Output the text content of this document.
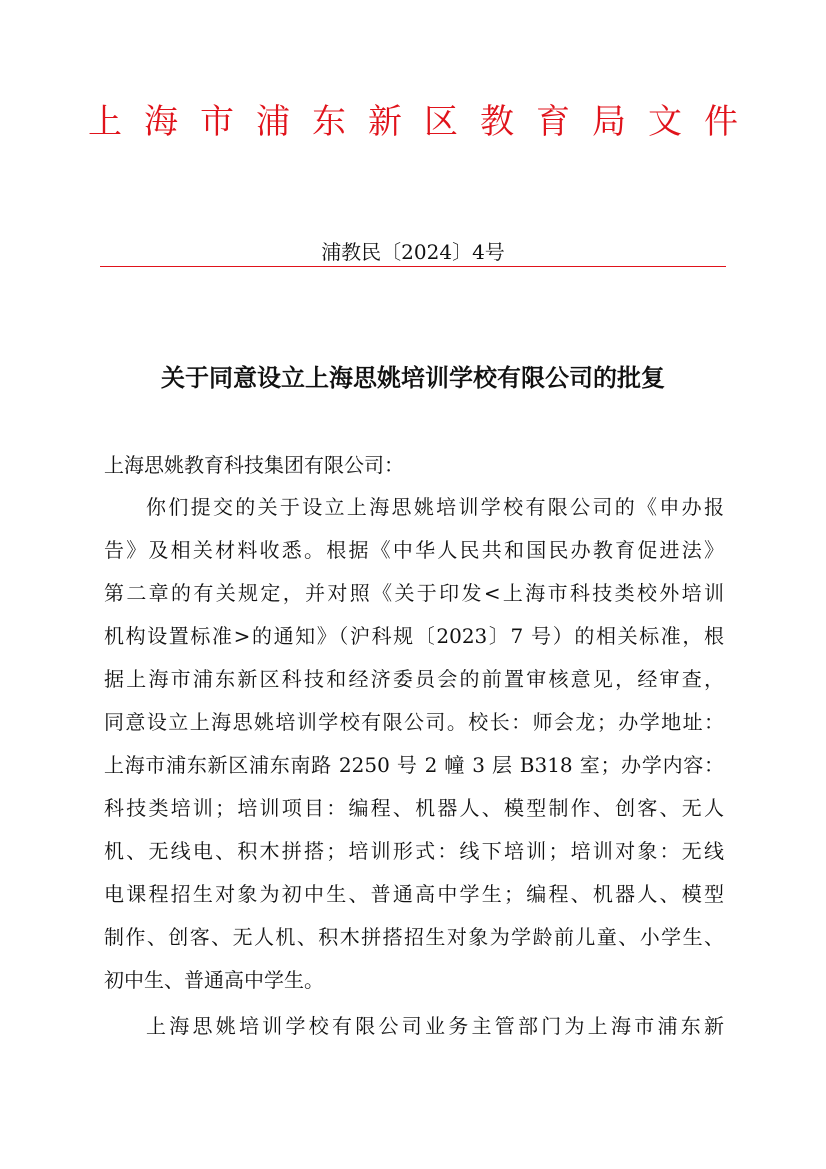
上海市浦东新区教育局文件
浦教民〔2024〕4号
关于同意设立上海思姚培训学校有限公司的批复
上海思姚教育科技集团有限公司：
你们提交的关于设立上海思姚培训学校有限公司的《申办报
告》及相关材料收悉。根据《中华人民共和国民办教育促进法》
第二章的有关规定，并对照《关于印发<上海市科技类校外培训
机构设置标准>的通知》（沪科规〔2023〕7 号）的相关标准，根
据上海市浦东新区科技和经济委员会的前置审核意见，经审查，
同意设立上海思姚培训学校有限公司。校长：师会龙；办学地址：
上海市浦东新区浦东南路 2250 号 2 幢 3 层 B318 室；办学内容：
科技类培训；培训项目：编程、机器人、模型制作、创客、无人
机、无线电、积木拼搭；培训形式：线下培训；培训对象：无线
电课程招生对象为初中生、普通高中学生；编程、机器人、模型
制作、创客、无人机、积木拼搭招生对象为学龄前儿童、小学生、
初中生、普通高中学生。
上海思姚培训学校有限公司业务主管部门为上海市浦东新
